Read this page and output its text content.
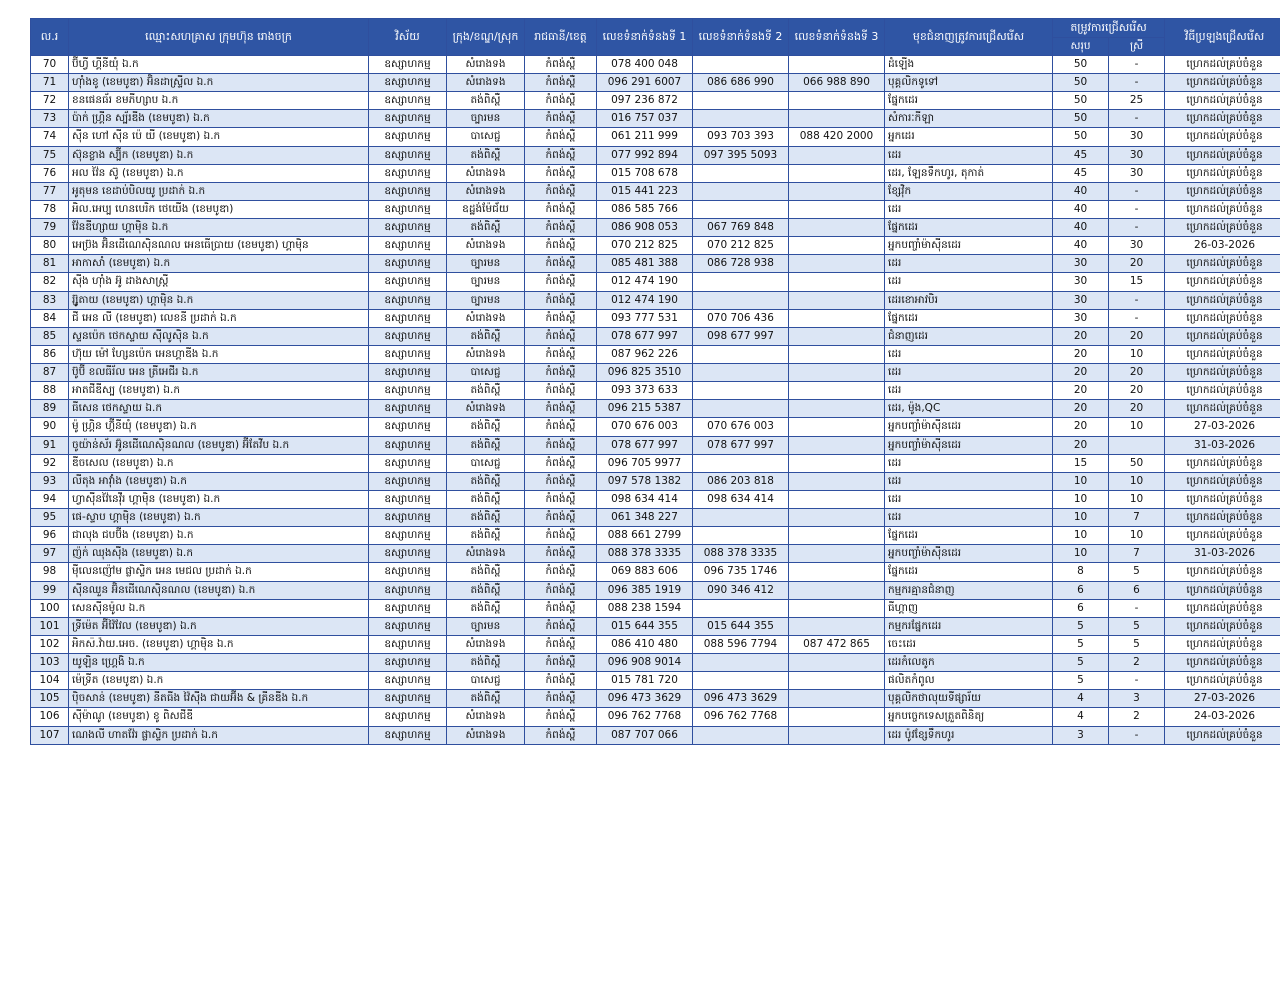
ល.រ	ឈ្មោះសហគ្រាស ក្រុមហ៊ុន រោងចក្រ	វិស័យ	ក្រុង/ខណ្ឌ/ស្រុក	រាជធានី/ខេត្ត	លេខទំនាក់ទំនងទី 1	លេខទំនាក់ទំនងទី 2	លេខទំនាក់ទំនងទី 3	មុខជំនាញត្រូវការជ្រើសរើស	តម្រូវការជ្រើសរើស		វិធីប្រឡងជ្រើសរើស
									សរុប	ស្រី	
70	ប៊ីហ្វី ហ្គីនីយ៉ំ ឯ.ក	ឧស្សាហកម្ម	សំរោងទង	កំពង់ស្ពឺ	078 400 048			ដំឡើង	50	-	ហ្រេកដល់គ្រប់ចំនួន
71	ហ៊ាំងខូ (ខេមបូឌា) អ៊ិនដាស្រ្ទីល ឯ.ក	ឧស្សាហកម្ម	សំរោងទង	កំពង់ស្ពឺ	096 291 6007	086 686 990	066 988 890	បុគ្គលិកទូទៅ	50	-	ហ្រេកដល់គ្រប់ចំនួន
72	ខនផេនធ័រ ខមភីហ្សាប ឯ.ក	ឧស្សាហកម្ម	តង់ពិស្ពឺ	កំពង់ស្ពឺ	097 236 872			ផ្នែកដេរ	50	25	ហ្រេកដល់គ្រប់ចំនួន
73	ប៉ាក់ ហ្គ្រីន ស្ប័រឌីង (ខេមបូឌា) ឯ.ក	ឧស្សាហកម្ម	ច្បារមន	កំពង់ស្ពឺ	016 757 037			សំការៈកីឡា	50	-	ហ្រេកដល់គ្រប់ចំនួន
74	ស៊ីន ហៅ ស៊ីន ប៉េ យី (ខេមបូឌា) ឯ.ក	ឧស្សាហកម្ម	បាសេជ្ជ	កំពង់ស្ពឺ	061 211 999	093 703 393	088 420 2000	អ្នកដេរ	50	30	ហ្រេកដល់គ្រប់ចំនួន
75	ស៊ុនខ្លាង ស្ប៊ីក (ខេមបូឌា) ឯ.ក	ឧស្សាហកម្ម	តង់ពិស្ពឺ	កំពង់ស្ពឺ	077 992 894	097 395 5093		ដេរ	45	30	ហ្រេកដល់គ្រប់ចំនួន
76	អល វ៉ៃន ស៊ូ (ខេមបូឌា) ឯ.ក	ឧស្សាហកម្ម	សំរោងទង	កំពង់ស្ពឺ	015 708 678			ដេរ, ឡែនទឹកហូរ, តុកាត់	45	30	ហ្រេកដល់គ្រប់ចំនួន
77	អូតុមន ខេដាប់បិលយូ ប្រដាក់ ឯ.ក	ឧស្សាហកម្ម	សំរោងទង	កំពង់ស្ពឺ	015 441 223			ខ្សែវ៉ិក	40	-	ហ្រេកដល់គ្រប់ចំនួន
78	អិល.អេប្ប ហេនបេរិក ថេយើង (ខេមបូឌា)	ឧស្សាហកម្ម	ឧដ្ឋង់ម៉ែជ័យ	កំពង់ស្ពឺ	086 585 766			ដេរ	40	-	ហ្រេកដល់គ្រប់ចំនួន
79	វ៉ែនឌីហ្សាយ ហ្គាម៉ិន ឯ.ក	ឧស្សាហកម្ម	តង់ពិស្ពឺ	កំពង់ស្ពឺ	086 908 053	067 769 848		ផ្នែកដេរ	40	-	ហ្រេកដល់គ្រប់ចំនួន
80	អេប៊្រង អ៊ិនដើណេស៊ិនណល អេនធើប្រាយ (ខេមបូឌា) ហ្គាម៉ិន	ឧស្សាហកម្ម	សំរោងទង	កំពង់ស្ពឺ	070 212 825	070 212 825		អ្នកបញ្ចាំម៉ាស៊ីនដេរ	40	30	26-03-2026
81	អាកាសាំ (ខេមបូឌា) ឯ.ក	ឧស្សាហកម្ម	ច្បារមន	កំពង់ស្ពឺ	085 481 388	086 728 938		ដេរ	30	20	ហ្រេកដល់គ្រប់ចំនួន
82	ស៊ីង ហ៊ាំង អ៊ូ ដាងសាស្ត្រី	ឧស្សាហកម្ម	ច្បារមន	កំពង់ស្ពឺ	012 474 190			ដេរ	30	15	ហ្រេកដល់គ្រប់ចំនួន
83	រ្ស៊ូតាយ (ខេមបូឌា) ហ្គាម៉ិន ឯ.ក	ឧស្សាហកម្ម	ច្បារមន	កំពង់ស្ពឺ	012 474 190			ដេរខោអាវបិរ	30	-	ហ្រេកដល់គ្រប់ចំនួន
84	ជី អេន លី (ខេមបូឌា) លេខនី ប្រដាក់ ឯ.ក	ឧស្សាហកម្ម	សំរោងទង	កំពង់ស្ពឺ	093 777 531	070 706 436		ផ្នែកដេរ	30	-	ហ្រេកដល់គ្រប់ចំនួន
85	ស្ទនប៉េក ថេកស្ទាយ ស៊ីលូស៊ិន ឯ.ក	ឧស្សាហកម្ម	តង់ពិស្ពឺ	កំពង់ស្ពឺ	078 677 997	098 677 997		ជំនាញដេរ	20	20	ហ្រេកដល់គ្រប់ចំនួន
86	ហ៊ុយ ម៉ៅ ហ្សែនប៉េក អេនហ្គាឌីង ឯ.ក	ឧស្សាហកម្ម	សំរោងទង	កំពង់ស្ពឺ	087 962 226			ដេរ	20	10	ហ្រេកដល់គ្រប់ចំនួន
87	ប៊ូប៊ី ខលធីរ័ល អេន ត្រីអេជីរ ឯ.ក	ឧស្សាហកម្ម	បាសេជ្ជ	កំពង់ស្ពឺ	096 825 3510			ដេរ	20	20	ហ្រេកដល់គ្រប់ចំនួន
88	អាតជីឌីស្ប (ខេមបូឌា) ឯ.ក	ឧស្សាហកម្ម	តង់ពិស្ពឺ	កំពង់ស្ពឺ	093 373 633			ដេរ	20	20	ហ្រេកដល់គ្រប់ចំនួន
89	ធីសេន ថេកស្ទាយ ឯ.ក	ឧស្សាហកម្ម	សំរោងទង	កំពង់ស្ពឺ	096 215 5387			ដេរ, ម៉ូង,QC	20	20	ហ្រេកដល់គ្រប់ចំនួន
90	ម៉ូ ហ្គ្រិន ហ្គ៊ីនីយ៉ំ (ខេមបូឌា) ឯ.ក	ឧស្សាហកម្ម	តង់ពិស្ពឺ	កំពង់ស្ពឺ	070 676 003	070 676 003		អ្នកបញ្ចាំម៉ាស៊ីនដេរ	20	10	27-03-2026
91	ចូយ៉ាន់ស័រ អ៊ូ៑នដើណេស៊ិនណល (ខេមបូឌា) អ៊ីតែវីប ឯ.ក	ឧស្សាហកម្ម	តង់ពិស្ពឺ	កំពង់ស្ពឺ	078 677 997	078 677 997		អ្នកបញ្ចាំម៉ាស៊ីនដេរ	20		31-03-2026
92	ឌីចសេល (ខេមបូឌា) ឯ.ក	ឧស្សាហកម្ម	បាសេជ្ជ	កំពង់ស្ពឺ	096 705 9977			ដេរ	15	50	ហ្រេកដល់គ្រប់ចំនួន
93	លីតុង អាវ៉ាំង (ខេមបូឌា) ឯ.ក	ឧស្សាហកម្ម	តង់ពិស្ពឺ	កំពង់ស្ពឺ	097 578 1382	086 203 818		ដេរ	10	10	ហ្រេកដល់គ្រប់ចំនួន
94	ហ្វាស៊ីនវ៉ៃនេវ៉ីរ ហ្គាម៉ិន (ខេមបូឌា) ឯ.ក	ឧស្សាហកម្ម	តង់ពិស្ពឺ	កំពង់ស្ពឺ	098 634 414	098 634 414		ដេរ	10	10	ហ្រេកដល់គ្រប់ចំនួន
95	ផេ-ស្ទាប ហ្គាម៉ិន (ខេមបូឌា) ឯ.ក	ឧស្សាហកម្ម	តង់ពិស្ពឺ	កំពង់ស្ពឺ	061 348 227			ដេរ	10	7	ហ្រេកដល់គ្រប់ចំនួន
96	ជាលុង ជបប៊ីង (ខេមបូឌា) ឯ.ក	ឧស្សាហកម្ម	តង់ពិស្ពឺ	កំពង់ស្ពឺ	088 661 2799			ផ្នែកដេរ	10	10	ហ្រេកដល់គ្រប់ចំនួន
97	ញ៉ក់ ឈុងស៊ីង (ខេមបូឌា) ឯ.ក	ឧស្សាហកម្ម	សំរោងទង	កំពង់ស្ពឺ	088 378 3335	088 378 3335		អ្នកបញ្ចាំម៉ាស៊ីនដេរ	10	7	31-03-2026
98	ម៉ីលេនញ៉ៅម ផ្លាស្ទិក អេន មេជល ប្រដាក់ ឯ.ក	ឧស្សាហកម្ម	តង់ពិស្ពឺ	កំពង់ស្ពឺ	069 883 606	096 735 1746		ផ្នែកដេរ	8	5	ហ្រេកដល់គ្រប់ចំនួន
99	ស៊ីនឈួន អ៊ិនដើណេស៊ិនណល (ខេមបូឌា) ឯ.ក	ឧស្សាហកម្ម	តង់ពិស្ពឺ	កំពង់ស្ពឺ	096 385 1919	090 346 412		កម្មករគ្មានជំនាញ	6	6	ហ្រេកដល់គ្រប់ចំនួន
100	សេនស៊ីនម៉ូល ឯ.ក	ឧស្សាហកម្ម	តង់ពិស្ពឺ	កំពង់ស្ពឺ	088 238 1594			ធីហ្គាញ	6	-	ហ្រេកដល់គ្រប់ចំនួន
101	ទ្រីម៉េត អ៊ីវ៉ៃវែល (ខេមបូឌា) ឯ.ក	ឧស្សាហកម្ម	ច្បារមន	កំពង់ស្ពឺ	015 644 355	015 644 355		កម្មករផ្នែកដេរ	5	5	ហ្រេកដល់គ្រប់ចំនួន
102	អិកស៑.វ៉ាយ.អេច. (ខេមបូឌា) ហ្គាម៉ិន ឯ.ក	ឧស្សាហកម្ម	សំរោងទង	កំពង់ស្ពឺ	086 410 480	088 596 7794	087 472 865	ចេះដេរ	5	5	ហ្រេកដល់គ្រប់ចំនួន
103	យូឡិន ហ្គ្រេងិ ឯ.ក	ឧស្សាហកម្ម	តង់ពិស្ពឺ	កំពង់ស្ពឺ	096 908 9014			ដេរកំលេតូក	5	2	ហ្រេកដល់គ្រប់ចំនួន
104	ម៉េទ្រីត (ខេមបូឌា) ឯ.ក	ឧស្សាហកម្ម	បាសេជ្ជ	កំពង់ស្ពឺ	015 781 720			ផលិតកំពូល	5	-	ហ្រេកដល់គ្រប់ចំនួន
105	ប៉ិចសាន់ (ខេមបូឌា) នីតធីង វ៉ៃស៊ីង ជាយអ៊ីង & គ្រីនឌីង ឯ.ក	ឧស្សាហកម្ម	តង់ពិស្ពឺ	កំពង់ស្ពឺ	096 473 3629	096 473 3629		បុគ្គលិកថាលុយទីផ្សារ័យ	4	3	27-03-2026
106	ស៊ីម៉ាណូ (ខេមបូឌា) ខូ ពិសជីឌី	ឧស្សាហកម្ម	សំរោងទង	កំពង់ស្ពឺ	096 762 7768	096 762 7768		អ្នកបច្ចេកទេសត្រួតពិនិត្យ	4	2	24-03-2026
107	ណេងលី ហាតវ៉ែរ ផ្លាស្ទិក ប្រដាក់ ឯ.ក	ឧស្សាហកម្ម	សំរោងទង	កំពង់ស្ពឺ	087 707 066			ដេរ ប៉ូវខ្សែទឹកហូរ	3	-	ហ្រេកដល់គ្រប់ចំនួន
